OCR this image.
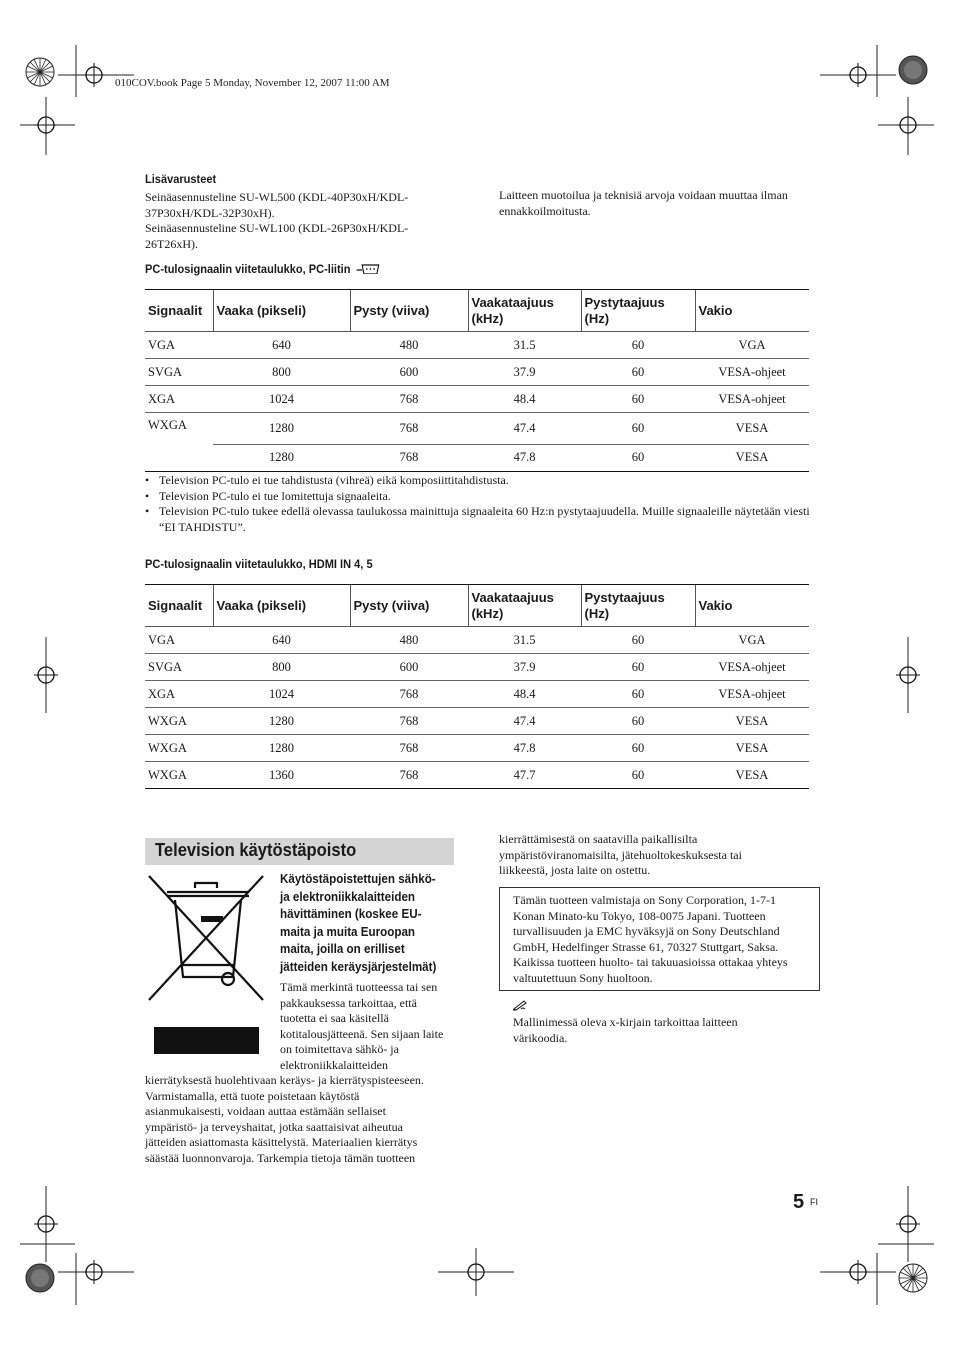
010COV.book Page 5 Monday, November 12, 2007 11:00 AM
Lisävarusteet
Seinäasennusteline SU-WL500 (KDL-40P30xH/KDL-
37P30xH/KDL-32P30xH).
Seinäasennusteline SU-WL100 (KDL-26P30xH/KDL-
26T26xH).
Laitteen muotoilua ja teknisiä arvoja voidaan muuttaa ilman
ennakkoilmoitusta.
PC-tulosignaalin viitetaulukko, PC-liitin
Signaalit	Vaaka (pikseli)	Pysty (viiva)	Vaakataajuus (kHz)	Pystytaajuus (Hz)	Vakio
VGA	640	480	31.5	60	VGA
SVGA	800	600	37.9	60	VESA-ohjeet
XGA	1024	768	48.4	60	VESA-ohjeet
WXGA	1280	768	47.4	60	VESA
	1280	768	47.8	60	VESA
• Television PC-tulo ei tue tahdistusta (vihreä) eikä komposiittitahdistusta.
• Television PC-tulo ei tue lomitettuja signaaleita.
• Television PC-tulo tukee edellä olevassa taulukossa mainittuja signaaleita 60 Hz:n pystytaajuudella. Muille signaaleille näytetään viesti “EI TAHDISTU”.
PC-tulosignaalin viitetaulukko, HDMI IN 4, 5
Signaalit	Vaaka (pikseli)	Pysty (viiva)	Vaakataajuus (kHz)	Pystytaajuus (Hz)	Vakio
VGA	640	480	31.5	60	VGA
SVGA	800	600	37.9	60	VESA-ohjeet
XGA	1024	768	48.4	60	VESA-ohjeet
WXGA	1280	768	47.4	60	VESA
WXGA	1280	768	47.8	60	VESA
WXGA	1360	768	47.7	60	VESA
Television käytöstäpoisto
Käytöstäpoistettujen sähkö-
ja elektroniikkalaitteiden
hävittäminen (koskee EU-
maita ja muita Euroopan
maita, joilla on erilliset
jätteiden keräysjärjestelmät)
Tämä merkintä tuotteessa tai sen
pakkauksessa tarkoittaa, että
tuotetta ei saa käsitellä
kotitalousjätteenä. Sen sijaan laite
on toimitettava sähkö- ja
elektroniikkalaitteiden
kierrätyksestä huolehtivaan keräys- ja kierrätyspisteeseen.
Varmistamalla, että tuote poistetaan käytöstä
asianmukaisesti, voidaan auttaa estämään sellaiset
ympäristö- ja terveyshaitat, jotka saattaisivat aiheutua
jätteiden asiattomasta käsittelystä. Materiaalien kierrätys
säästää luonnonvaroja. Tarkempia tietoja tämän tuotteen
kierrättämisestä on saatavilla paikallisilta
ympäristöviranomaisilta, jätehuoltokeskuksesta tai
liikkeestä, josta laite on ostettu.
Tämän tuotteen valmistaja on Sony Corporation, 1-7-1
Konan Minato-ku Tokyo, 108-0075 Japani. Tuotteen
turvallisuuden ja EMC hyväksyjä on Sony Deutschland
GmbH, Hedelfinger Strasse 61, 70327 Stuttgart, Saksa.
Kaikissa tuotteen huolto- tai takuuasioissa ottakaa yhteys
valtuutettuun Sony huoltoon.
Mallinimessä oleva x-kirjain tarkoittaa laitteen
värikoodia.
5 FI
